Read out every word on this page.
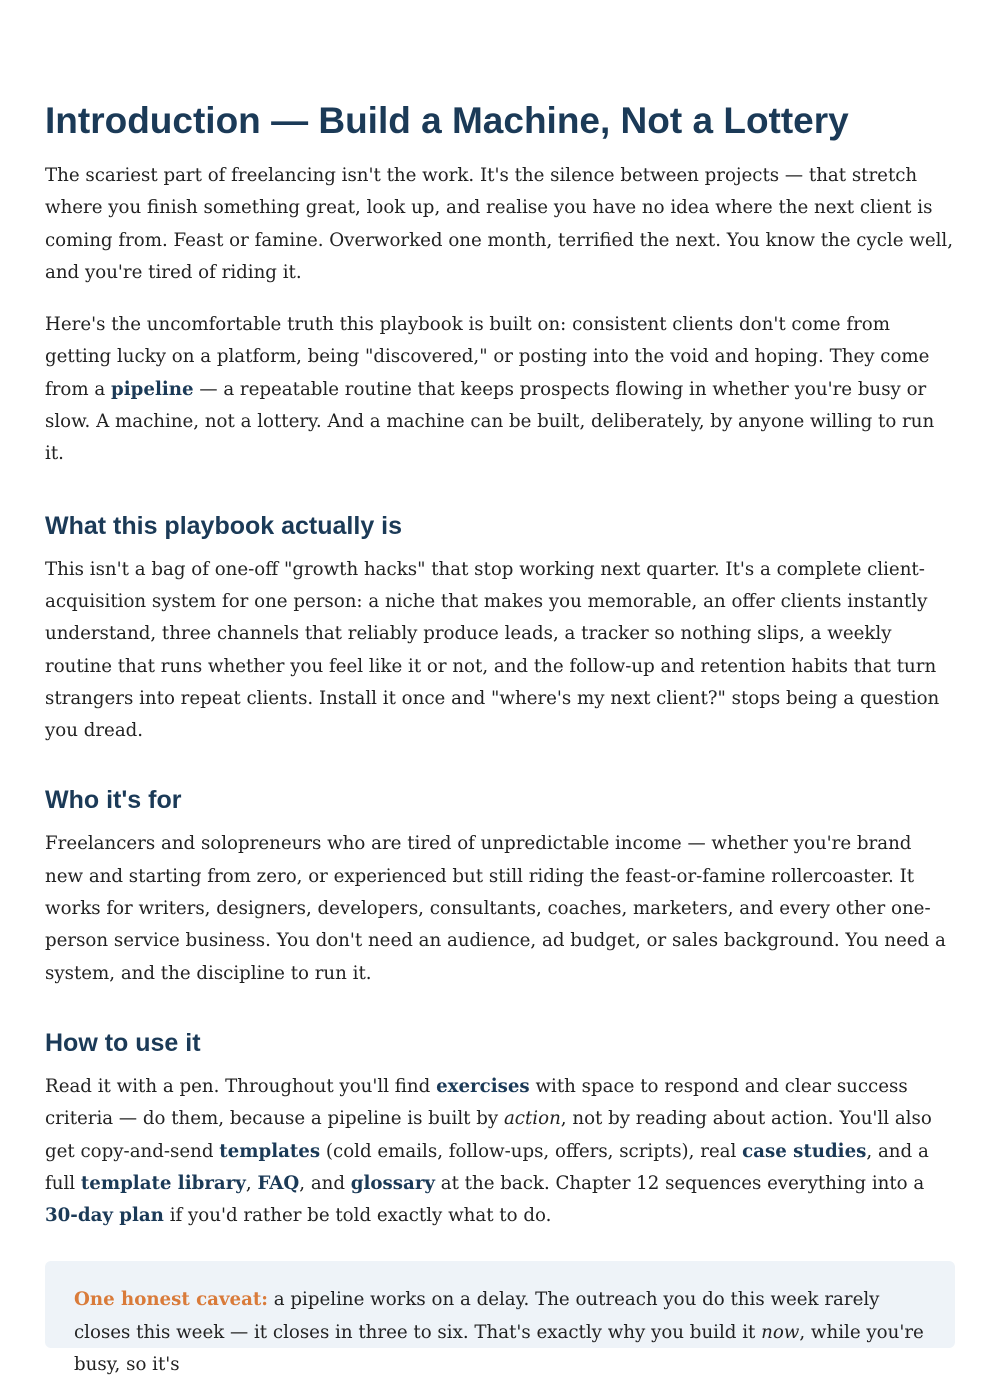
Introduction — Build a Machine, Not a Lottery

The scariest part of freelancing isn't the work. It's the silence between projects — that stretch where you finish something great, look up, and realise you have no idea where the next client is coming from. Feast or famine. Overworked one month, terrified the next. You know the cycle well, and you're tired of riding it.

Here's the uncomfortable truth this playbook is built on: consistent clients don't come from getting lucky on a platform, being "discovered," or posting into the void and hoping. They come from a pipeline — a repeatable routine that keeps prospects flowing in whether you're busy or slow. A machine, not a lottery. And a machine can be built, deliberately, by anyone willing to run it.

What this playbook actually is

This isn't a bag of one-off "growth hacks" that stop working next quarter. It's a complete client-acquisition system for one person: a niche that makes you memorable, an offer clients instantly understand, three channels that reliably produce leads, a tracker so nothing slips, a weekly routine that runs whether you feel like it or not, and the follow-up and retention habits that turn strangers into repeat clients. Install it once and "where's my next client?" stops being a question you dread.

Who it's for

Freelancers and solopreneurs who are tired of unpredictable income — whether you're brand new and starting from zero, or experienced but still riding the feast-or-famine rollercoaster. It works for writers, designers, developers, consultants, coaches, marketers, and every other one-person service business. You don't need an audience, ad budget, or sales background. You need a system, and the discipline to run it.

How to use it

Read it with a pen. Throughout you'll find exercises with space to respond and clear success criteria — do them, because a pipeline is built by action, not by reading about action. You'll also get copy-and-send templates (cold emails, follow-ups, offers, scripts), real case studies, and a full template library, FAQ, and glossary at the back. Chapter 12 sequences everything into a 30-day plan if you'd rather be told exactly what to do.

One honest caveat: a pipeline works on a delay. The outreach you do this week rarely closes this week — it closes in three to six. That's exactly why you build it now, while you're busy, so it's
